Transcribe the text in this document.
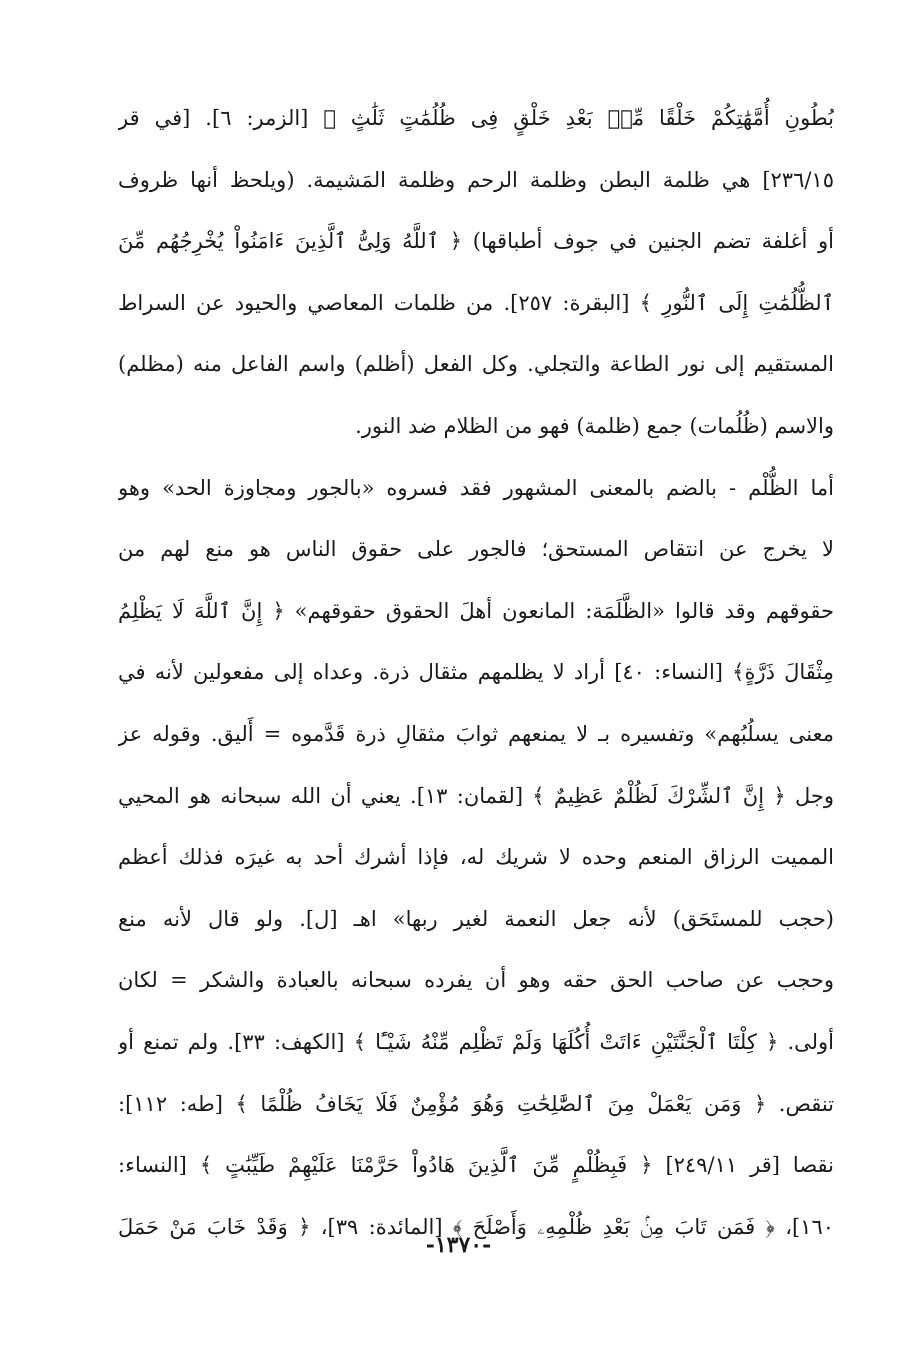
بُطُونِ أُمَّهَٰتِكُمْ خَلْقًا مِّنۢ بَعْدِ خَلْقٍ فِى ظُلُمَٰتٍ ثَلَٰثٍ ﴾ [الزمر: ٦]. [في قر
٢٣٦/١٥] هي ظلمة البطن وظلمة الرحم وظلمة المَشيمة. (ويلحظ أنها ظروف
أو أغلفة تضم الجنين في جوف أطباقها) ﴿ ٱللَّهُ وَلِىُّ ٱلَّذِينَ ءَامَنُواْ يُخْرِجُهُم مِّنَ
ٱلظُّلُمَٰتِ إِلَى ٱلنُّورِ ﴾ [البقرة: ٢٥٧]. من ظلمات المعاصي والحيود عن السراط
المستقيم إلى نور الطاعة والتجلي. وكل الفعل (أظلم) واسم الفاعل منه (مظلم)
والاسم (ظُلُمات) جمع (ظلمة) فهو من الظلام ضد النور.
أما الظُّلْم - بالضم بالمعنى المشهور فقد فسروه «بالجور ومجاوزة الحد» وهو
لا يخرج عن انتقاص المستحق؛ فالجور على حقوق الناس هو منع لهم من
حقوقهم وقد قالوا «الظَّلَمَة: المانعون أهلَ الحقوق حقوقهم» ﴿ إِنَّ ٱللَّهَ لَا يَظْلِمُ
مِثْقَالَ ذَرَّةٍ﴾ [النساء: ٤٠] أراد لا يظلمهم مثقال ذرة. وعداه إلى مفعولين لأنه في
معنى يسلُبُهم» وتفسيره بـ لا يمنعهم ثوابَ مثقالِ ذرة قَدَّموه = أَليق. وقوله عز
وجل ﴿ إِنَّ ٱلشِّرْكَ لَظُلْمٌ عَظِيمٌ ﴾ [لقمان: ١٣]. يعني أن الله سبحانه هو المحيي
المميت الرزاق المنعم وحده لا شريك له، فإذا أشرك أحد به غيرَه فذلك أعظم
(حجب للمستَحَق) لأنه جعل النعمة لغير ربها» اهـ [ل]. ولو قال لأنه منع
وحجب عن صاحب الحق حقه وهو أن يفرده سبحانه بالعبادة والشكر = لكان
أولى. ﴿ كِلْتَا ٱلْجَنَّتَيْنِ ءَاتَتْ أُكُلَهَا وَلَمْ تَظْلِم مِّنْهُ شَيْـًٔا ﴾ [الكهف: ٣٣]. ولم تمنع أو
تنقص. ﴿ وَمَن يَعْمَلْ مِنَ ٱلصَّٰلِحَٰتِ وَهُوَ مُؤْمِنٌ فَلَا يَخَافُ ظُلْمًا ﴾ [طه: ١١٢]:
نقصا [قر ٢٤٩/١١] ﴿ فَبِظُلْمٍ مِّنَ ٱلَّذِينَ هَادُواْ حَرَّمْنَا عَلَيْهِمْ طَيِّبَٰتٍ ﴾ [النساء:
١٦٠]، ﴿ فَمَن تَابَ مِنۢ بَعْدِ ظُلْمِهِۦ وَأَصْلَحَ ﴾ [المائدة: ٣٩]، ﴿ وَقَدْ خَابَ مَنْ حَمَلَ
-١٣٧٠-
